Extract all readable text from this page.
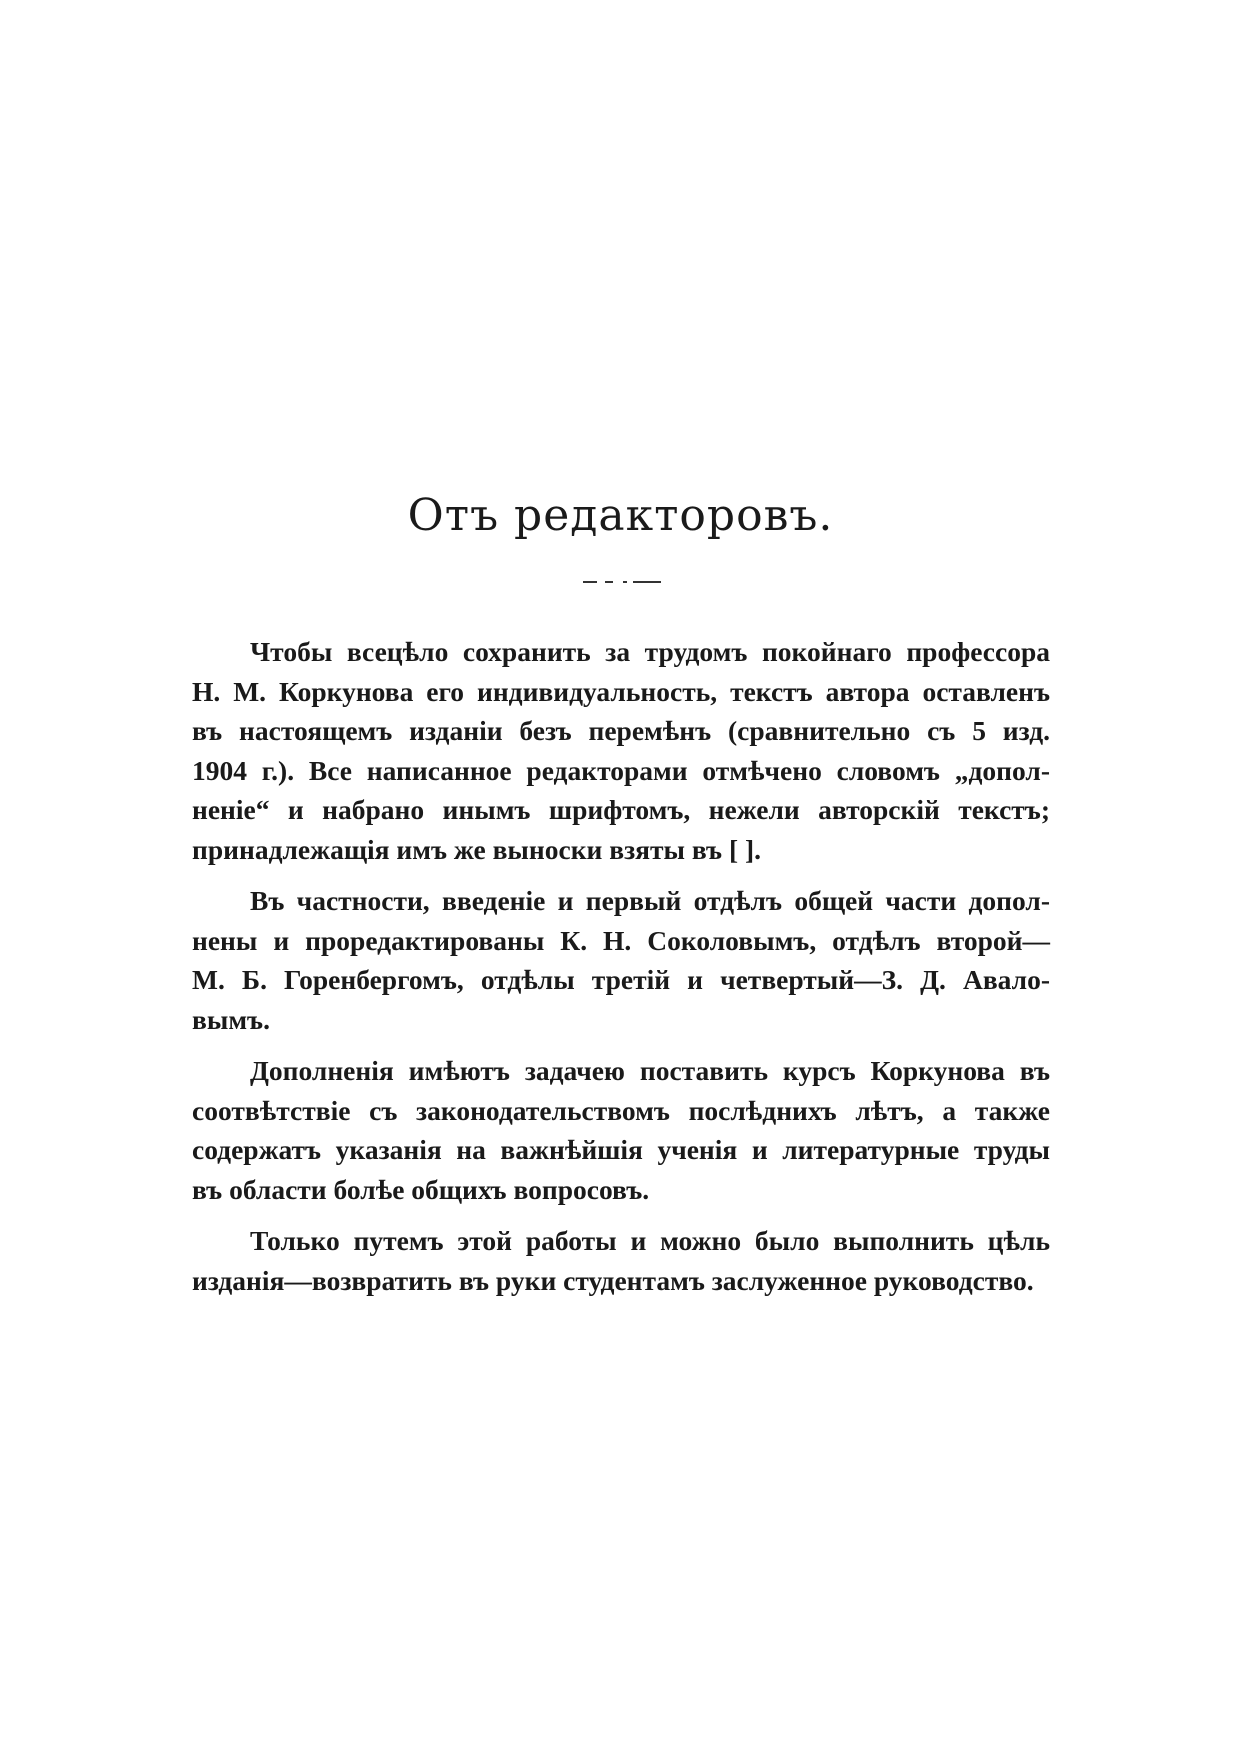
Отъ редакторовъ.

Чтобы всецѣло сохранить за трудомъ покойнаго профессора
Н. М. Коркунова его индивидуальность, текстъ автора оставленъ
въ настоящемъ изданіи безъ перемѣнъ (сравнительно съ 5 изд.
1904 г.). Все написанное редакторами отмѣчено словомъ „допол-
неніе“ и набрано инымъ шрифтомъ, нежели авторскій текстъ;
принадлежащія имъ же выноски взяты въ [ ].

Въ частности, введеніе и первый отдѣлъ общей части допол-
нены и проредактированы К. Н. Соколовымъ, отдѣлъ второй—
М. Б. Горенбергомъ, отдѣлы третій и четвертый—З. Д. Авало-
вымъ.

Дополненія имѣютъ задачею поставить курсъ Коркунова въ
соотвѣтствіе съ законодательствомъ послѣднихъ лѣтъ, а также
содержатъ указанія на важнѣйшія ученія и литературные труды
въ области болѣе общихъ вопросовъ.

Только путемъ этой работы и можно было выполнить цѣль
изданія—возвратить въ руки студентамъ заслуженное руководство.
